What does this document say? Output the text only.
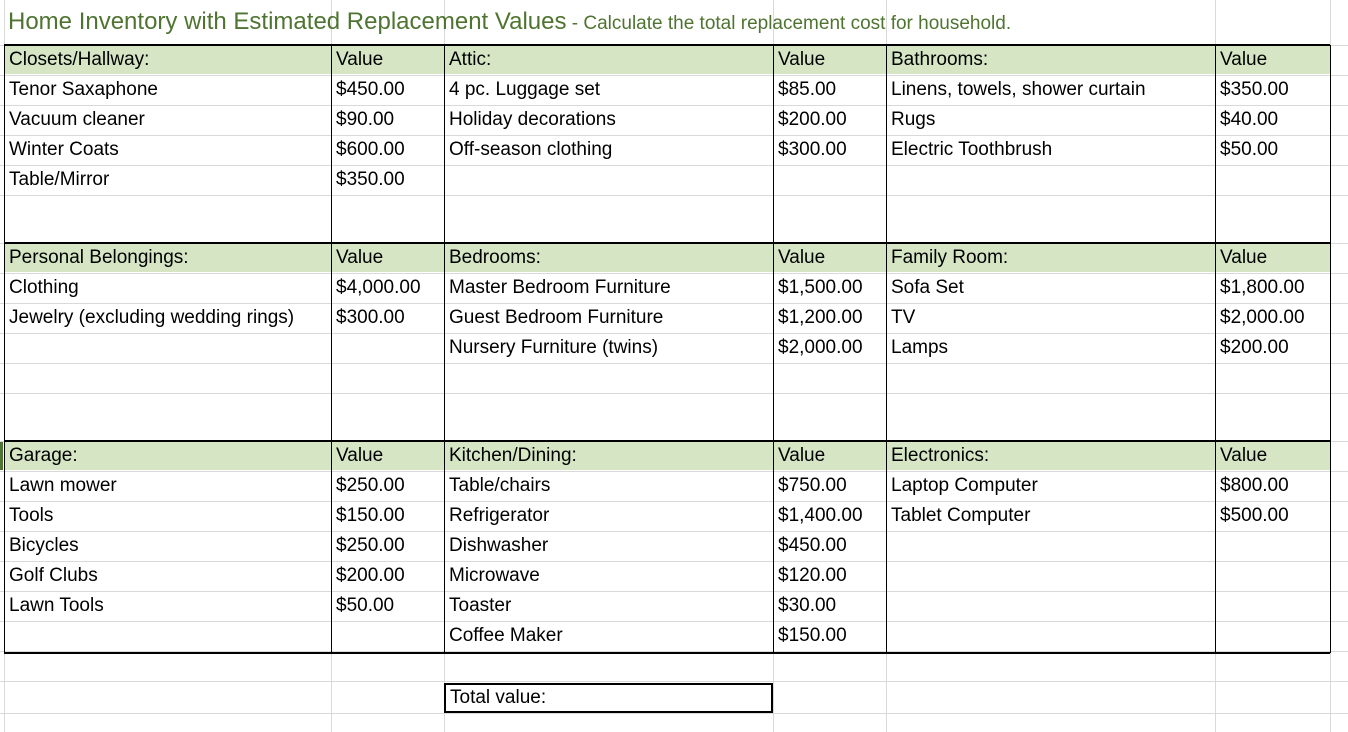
Closets/Hallway:	Value
Tenor Saxaphone	$450.00
Vacuum cleaner	$90.00
Winter Coats	$600.00
Table/Mirror	$350.00
Attic:	Value
4 pc. Luggage set	$85.00
Holiday decorations	$200.00
Off-season clothing	$300.00
Bathrooms:	Value
Linens, towels, shower curtain	$350.00
Rugs	$40.00
Electric Toothbrush	$50.00
Personal Belongings:	Value
Clothing	$4,000.00
Jewelry (excluding wedding rings) $300.00
Bedrooms:	Value
Master Bedroom Furniture	$1,500.00
Guest Bedroom Furniture	$1,200.00
Nursery Furniture (twins)	$2,000.00
Family Room:	Value
Sofa Set	$1,800.00
TV	$2,000.00
Lamps	$200.00
Garage:	Value
Lawn mower	$250.00
Tools	$150.00
Bicycles	$250.00
Golf Clubs	$200.00
Lawn Tools	$50.00
Kitchen/Dining:	Value
Table/chairs	$750.00
Refrigerator	$1,400.00
Dishwasher	$450.00
Microwave	$120.00
Toaster	$30.00
Coffee Maker	$150.00
Electronics:	Value
Laptop Computer	$800.00
Tablet Computer	$500.00
Home Inventory with Estimated Replacement Values - Calculate the total replacement cost for household.
Total value:
